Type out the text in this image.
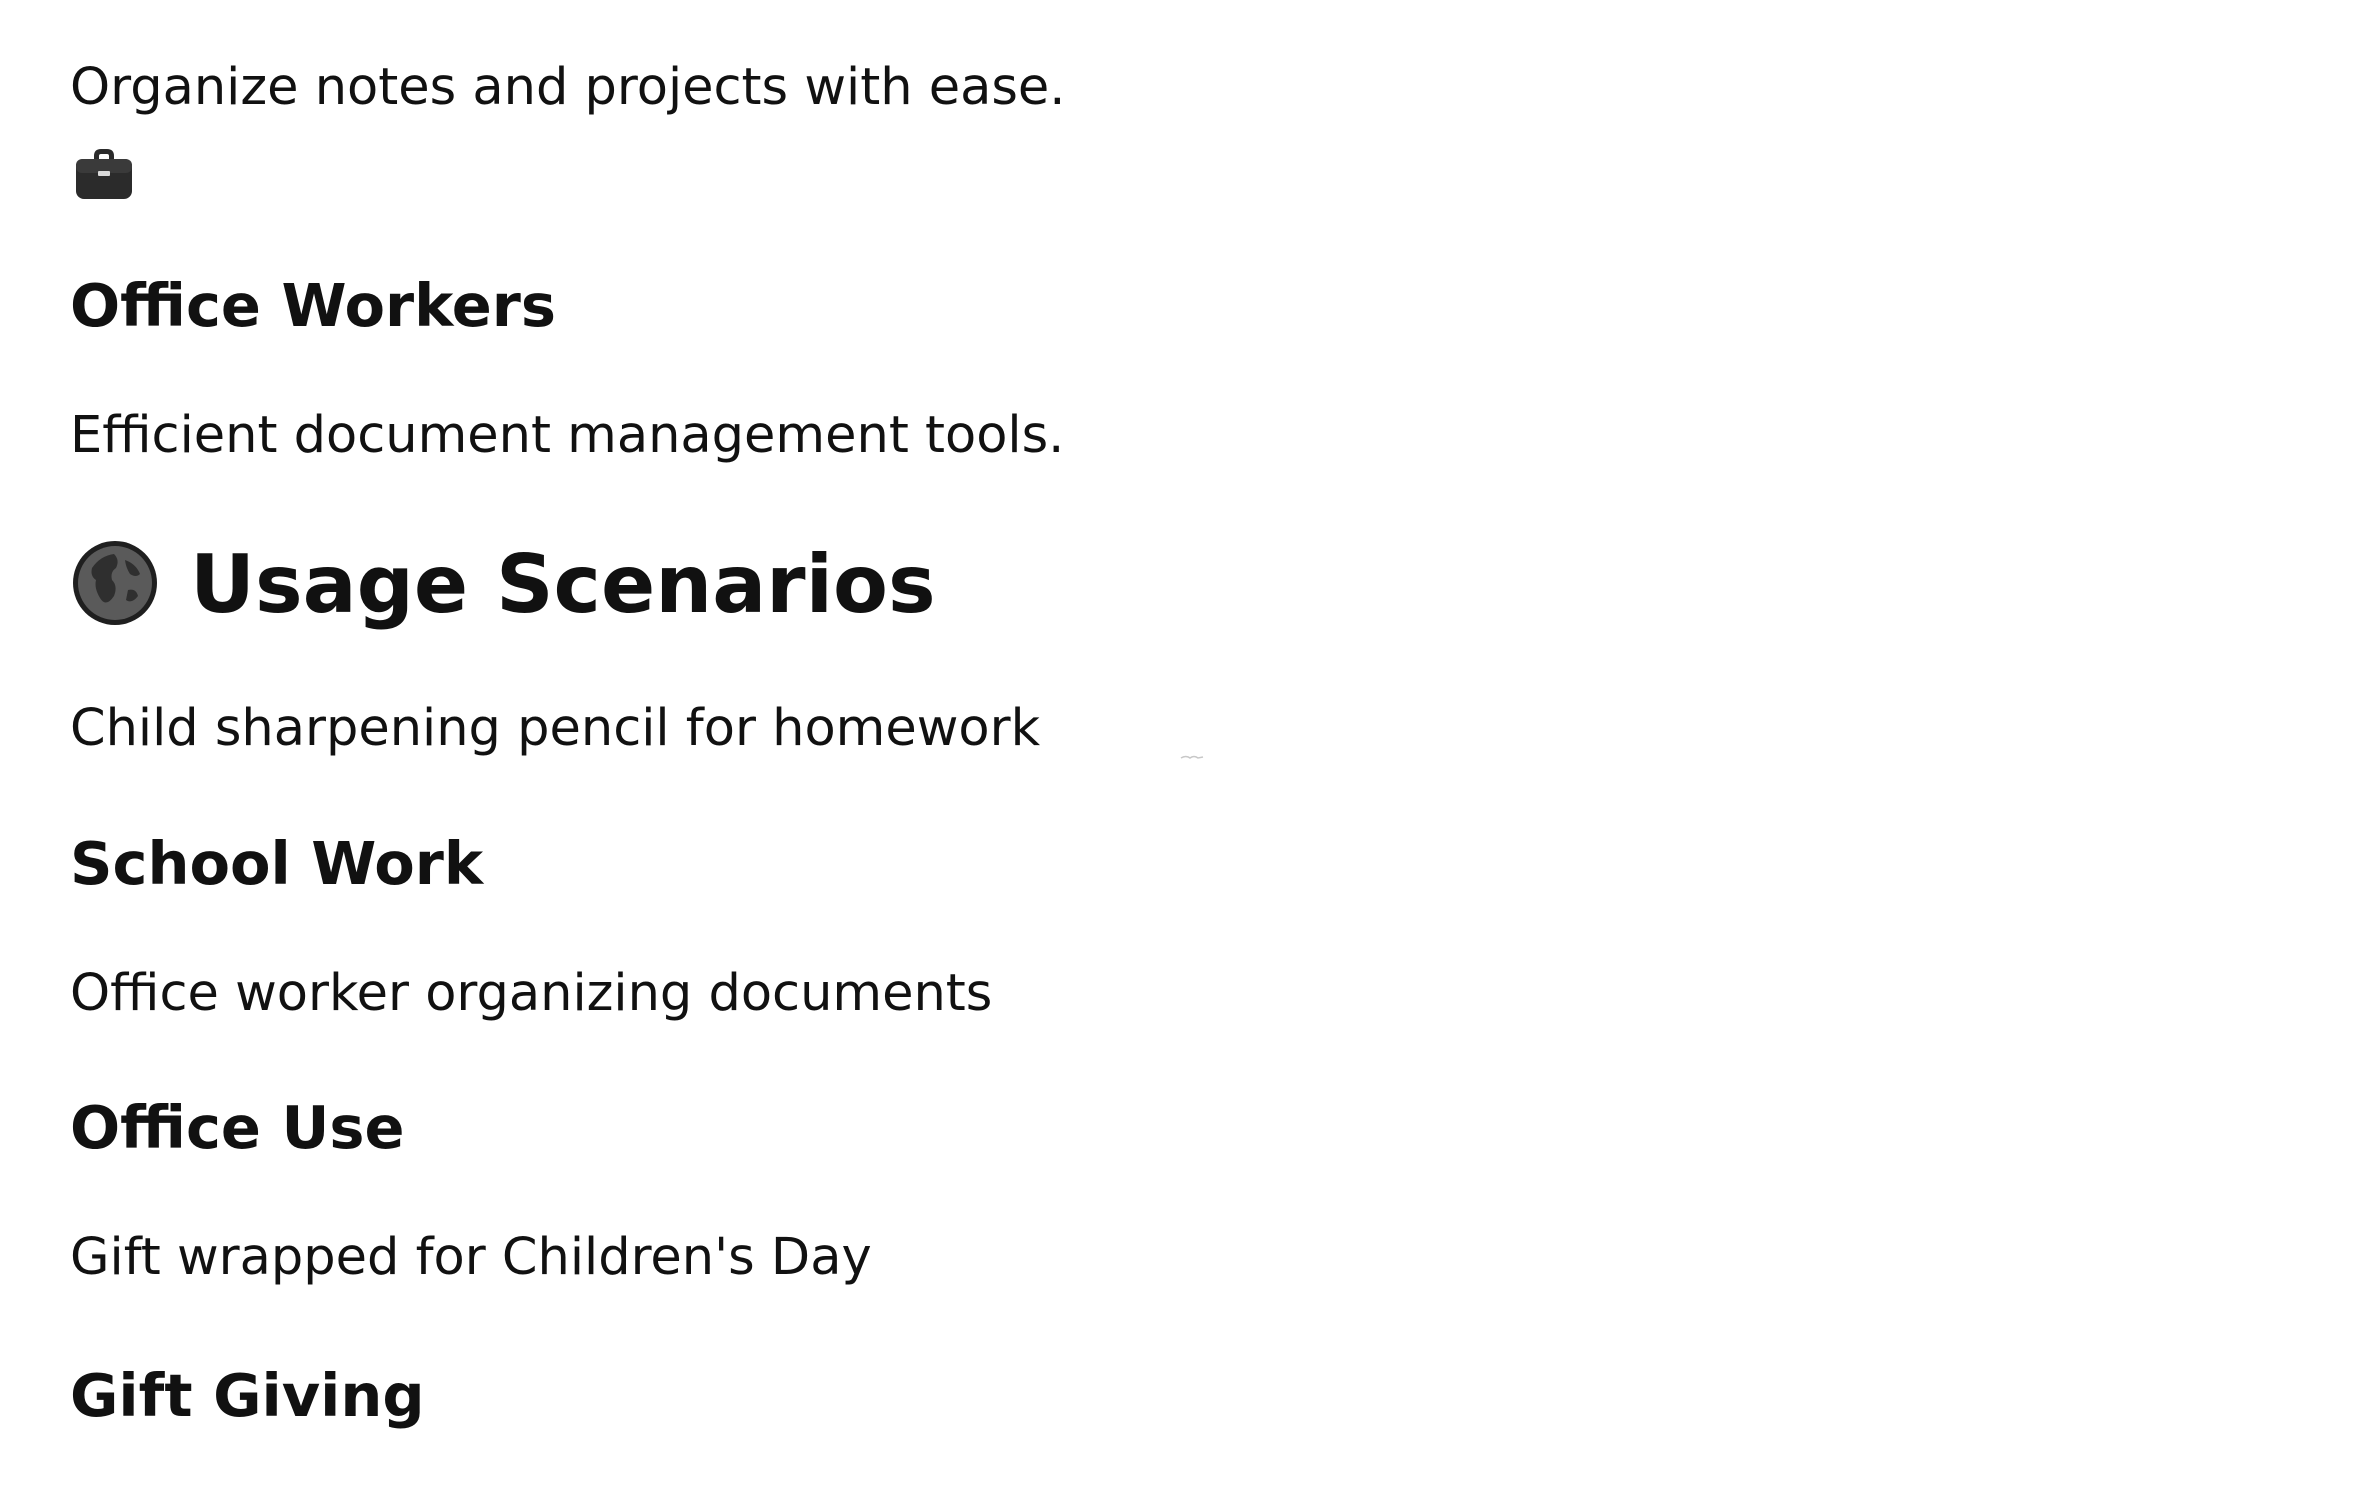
Organize notes and projects with ease.
Office Workers
Efficient document management tools.
Usage Scenarios
Child sharpening pencil for homework
School Work
Office worker organizing documents
Office Use
Gift wrapped for Children's Day
Gift Giving
